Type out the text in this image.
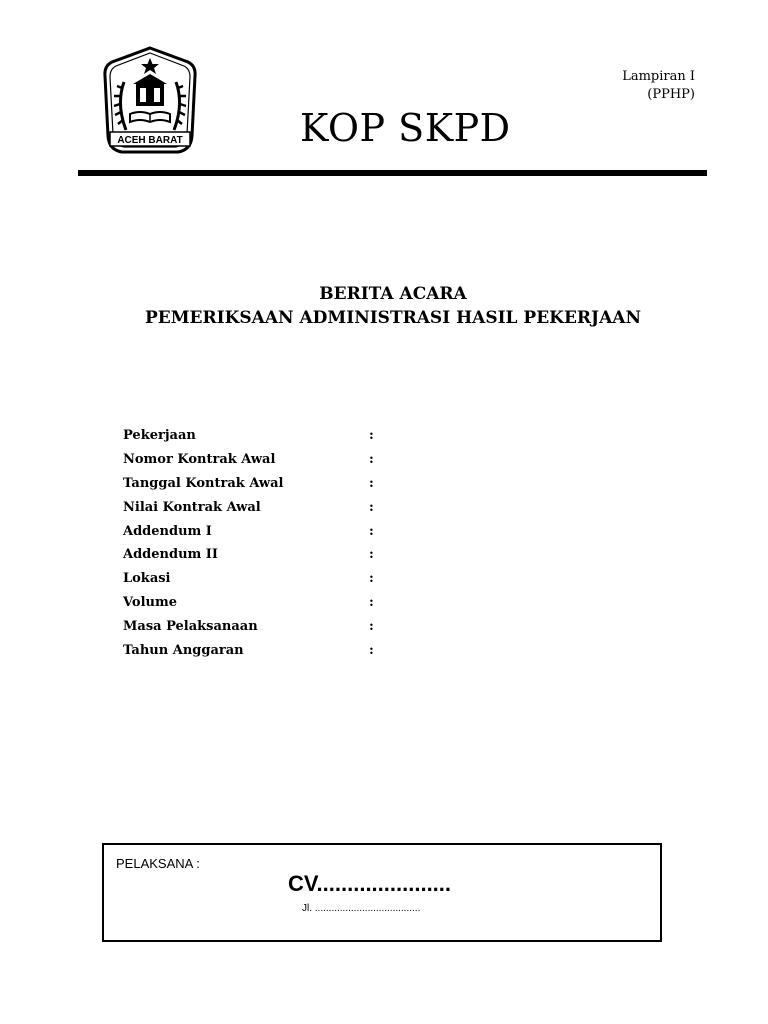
ACEH BARAT
Lampiran I
(PPHP)
KOP SKPD
BERITA ACARA
PEMERIKSAAN ADMINISTRASI HASIL PEKERJAAN
Pekerjaan	:
Nomor Kontrak Awal	:
Tanggal Kontrak Awal	:
Nilai Kontrak Awal	:
Addendum I	:
Addendum II	:
Lokasi	:
Volume	:
Masa Pelaksanaan	:
Tahun Anggaran	:
PELAKSANA :
CV......................
Jl. ......................................
